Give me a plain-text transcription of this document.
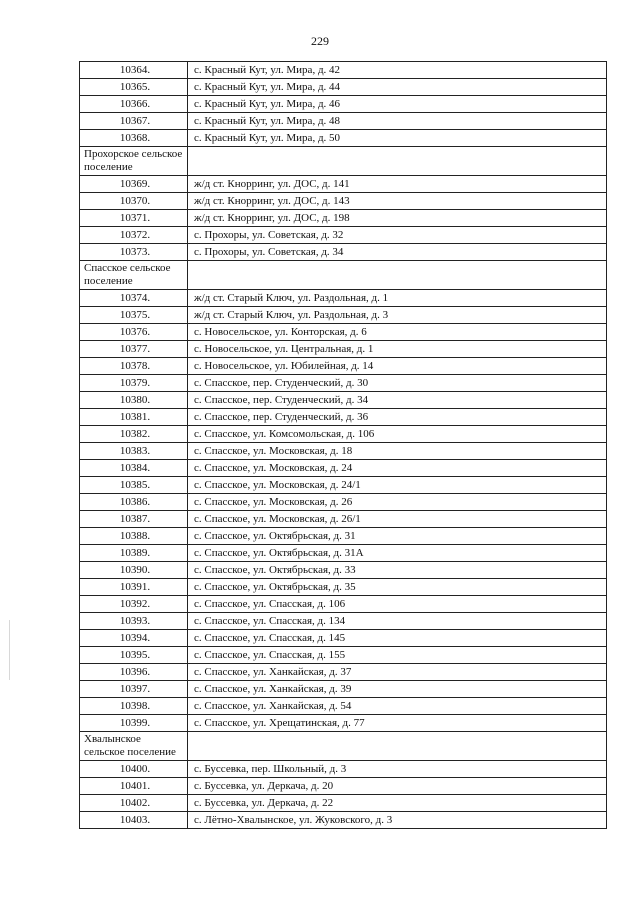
229
10364.	с. Красный Кут, ул. Мира, д. 42
10365.	с. Красный Кут, ул. Мира, д. 44
10366.	с. Красный Кут, ул. Мира, д. 46
10367.	с. Красный Кут, ул. Мира, д. 48
10368.	с. Красный Кут, ул. Мира, д. 50
Прохорское сельское поселение	
10369.	ж/д ст. Кнорринг, ул. ДОС, д. 141
10370.	ж/д ст. Кнорринг, ул. ДОС, д. 143
10371.	ж/д ст. Кнорринг, ул. ДОС, д. 198
10372.	с. Прохоры, ул. Советская, д. 32
10373.	с. Прохоры, ул. Советская, д. 34
Спасское сельское поселение	
10374.	ж/д ст. Старый Ключ, ул. Раздольная, д. 1
10375.	ж/д ст. Старый Ключ, ул. Раздольная, д. 3
10376.	с. Новосельское, ул. Конторская, д. 6
10377.	с. Новосельское, ул. Центральная, д. 1
10378.	с. Новосельское, ул. Юбилейная, д. 14
10379.	с. Спасское, пер. Студенческий, д. 30
10380.	с. Спасское, пер. Студенческий, д. 34
10381.	с. Спасское, пер. Студенческий, д. 36
10382.	с. Спасское, ул. Комсомольская, д. 106
10383.	с. Спасское, ул. Московская, д. 18
10384.	с. Спасское, ул. Московская, д. 24
10385.	с. Спасское, ул. Московская, д. 24/1
10386.	с. Спасское, ул. Московская, д. 26
10387.	с. Спасское, ул. Московская, д. 26/1
10388.	с. Спасское, ул. Октябрьская, д. 31
10389.	с. Спасское, ул. Октябрьская, д. 31А
10390.	с. Спасское, ул. Октябрьская, д. 33
10391.	с. Спасское, ул. Октябрьская, д. 35
10392.	с. Спасское, ул. Спасская, д. 106
10393.	с. Спасское, ул. Спасская, д. 134
10394.	с. Спасское, ул. Спасская, д. 145
10395.	с. Спасское, ул. Спасская, д. 155
10396.	с. Спасское, ул. Ханкайская, д. 37
10397.	с. Спасское, ул. Ханкайская, д. 39
10398.	с. Спасское, ул. Ханкайская, д. 54
10399.	с. Спасское, ул. Хрещатинская, д. 77
Хвалынское сельское поселение	
10400.	с. Буссевка, пер. Школьный, д. 3
10401.	с. Буссевка, ул. Деркача, д. 20
10402.	с. Буссевка, ул. Деркача, д. 22
10403.	с. Лётно-Хвалынское, ул. Жуковского, д. 3
